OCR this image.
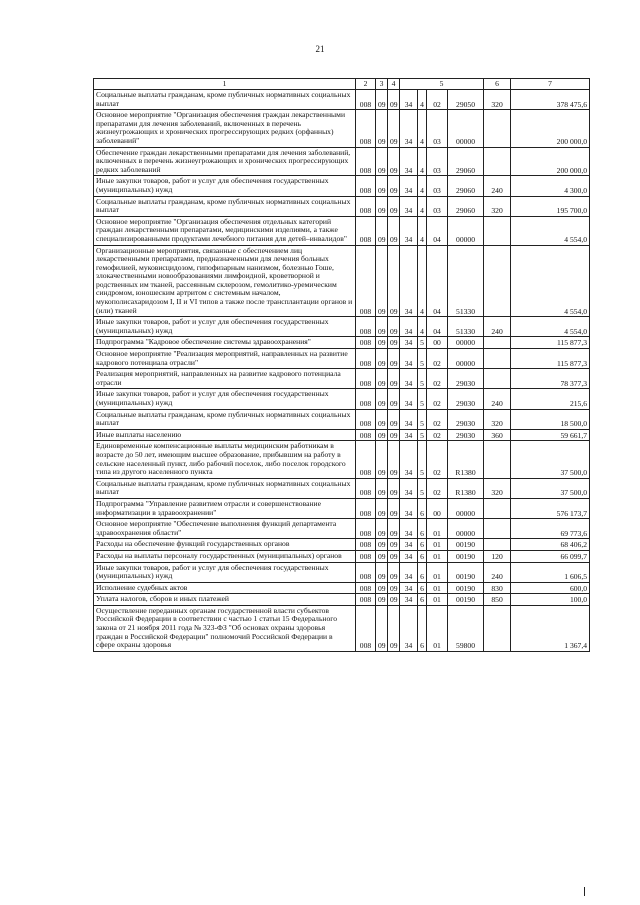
21
1	2	3	4	5				6	7
Социальные выплаты гражданам, кроме публичных нормативных социальных выплат	008	09	09	34	4	02	29050	320	378 475,6
Основное мероприятие "Организация обеспечения граждан лекарственными препаратами для лечения заболеваний, включенных в перечень жизнеугрожающих и хронических прогрессирующих редких (орфанных) заболеваний"	008	09	09	34	4	03	00000		200 000,0
Обеспечение граждан лекарственными препаратами для лечения заболеваний, включенных в перечень жизнеугрожающих и хронических прогрессирующих редких заболеваний	008	09	09	34	4	03	29060		200 000,0
Иные закупки товаров, работ и услуг для обеспечения государственных (муниципальных) нужд	008	09	09	34	4	03	29060	240	4 300,0
Социальные выплаты гражданам, кроме публичных нормативных социальных выплат	008	09	09	34	4	03	29060	320	195 700,0
Основное мероприятие "Организация обеспечения отдельных категорий граждан лекарственными препаратами, медицинскими изделиями, а также специализированными продуктами лечебного питания для детей–инвалидов"	008	09	09	34	4	04	00000		4 554,0
Организационные мероприятия, связанные с обеспечением лиц лекарственными препаратами, предназначенными для лечения больных гемофилией, муковисцидозом, гипофизарным нанизмом, болезнью Гоше, злокачественными новообразованиями лимфоидной, кроветворной и родственных им тканей, рассеянным склерозом, гемолитико-уремическим синдромом, юношеским артритом с системным началом, мукополисахаридозом I, II и VI типов а также после трансплантации органов и (или) тканей	008	09	09	34	4	04	51330		4 554,0
Иные закупки товаров, работ и услуг для обеспечения государственных (муниципальных) нужд	008	09	09	34	4	04	51330	240	4 554,0
Подпрограмма "Кадровое обеспечение системы здравоохранения"	008	09	09	34	5	00	00000		115 877,3
Основное мероприятие "Реализация мероприятий, направленных на развитие кадрового потенциала отрасли"	008	09	09	34	5	02	00000		115 877,3
Реализация мероприятий, направленных на развитие кадрового потенциала отрасли	008	09	09	34	5	02	29030		78 377,3
Иные закупки товаров, работ и услуг для обеспечения государственных (муниципальных) нужд	008	09	09	34	5	02	29030	240	215,6
Социальные выплаты гражданам, кроме публичных нормативных социальных выплат	008	09	09	34	5	02	29030	320	18 500,0
Иные выплаты населению	008	09	09	34	5	02	29030	360	59 661,7
Единовременные компенсационные выплаты медицинским работникам в возрасте до 50 лет, имеющим высшее образование, прибывшим на работу в сельские населенный пункт, либо рабочий поселок, либо поселок городского типа из другого населенного пункта	008	09	09	34	5	02	R1380		37 500,0
Социальные выплаты гражданам, кроме публичных нормативных социальных выплат	008	09	09	34	5	02	R1380	320	37 500,0
Подпрограмма "Управление развитием отрасли и совершенствование информатизации в здравоохранении"	008	09	09	34	6	00	00000		576 173,7
Основное мероприятие "Обеспечение выполнения функций департамента здравоохранения области"	008	09	09	34	6	01	00000		69 773,6
Расходы на обеспечение функций государственных органов	008	09	09	34	6	01	00190		68 406,2
Расходы на выплаты персоналу государственных (муниципальных) органов	008	09	09	34	6	01	00190	120	66 099,7
Иные закупки товаров, работ и услуг для обеспечения государственных (муниципальных) нужд	008	09	09	34	6	01	00190	240	1 606,5
Исполнение судебных актов	008	09	09	34	6	01	00190	830	600,0
Уплата налогов, сборов и иных платежей	008	09	09	34	6	01	00190	850	100,0
Осуществление переданных органам государственной власти субъектов Российской Федерации в соответствии с частью 1 статьи 15 Федерального закона от 21 ноября 2011 года № 323-ФЗ "Об основах охраны здоровья граждан в Российской Федерации" полномочий Российской Федерации в сфере охраны здоровья	008	09	09	34	6	01	59800		1 367,4
